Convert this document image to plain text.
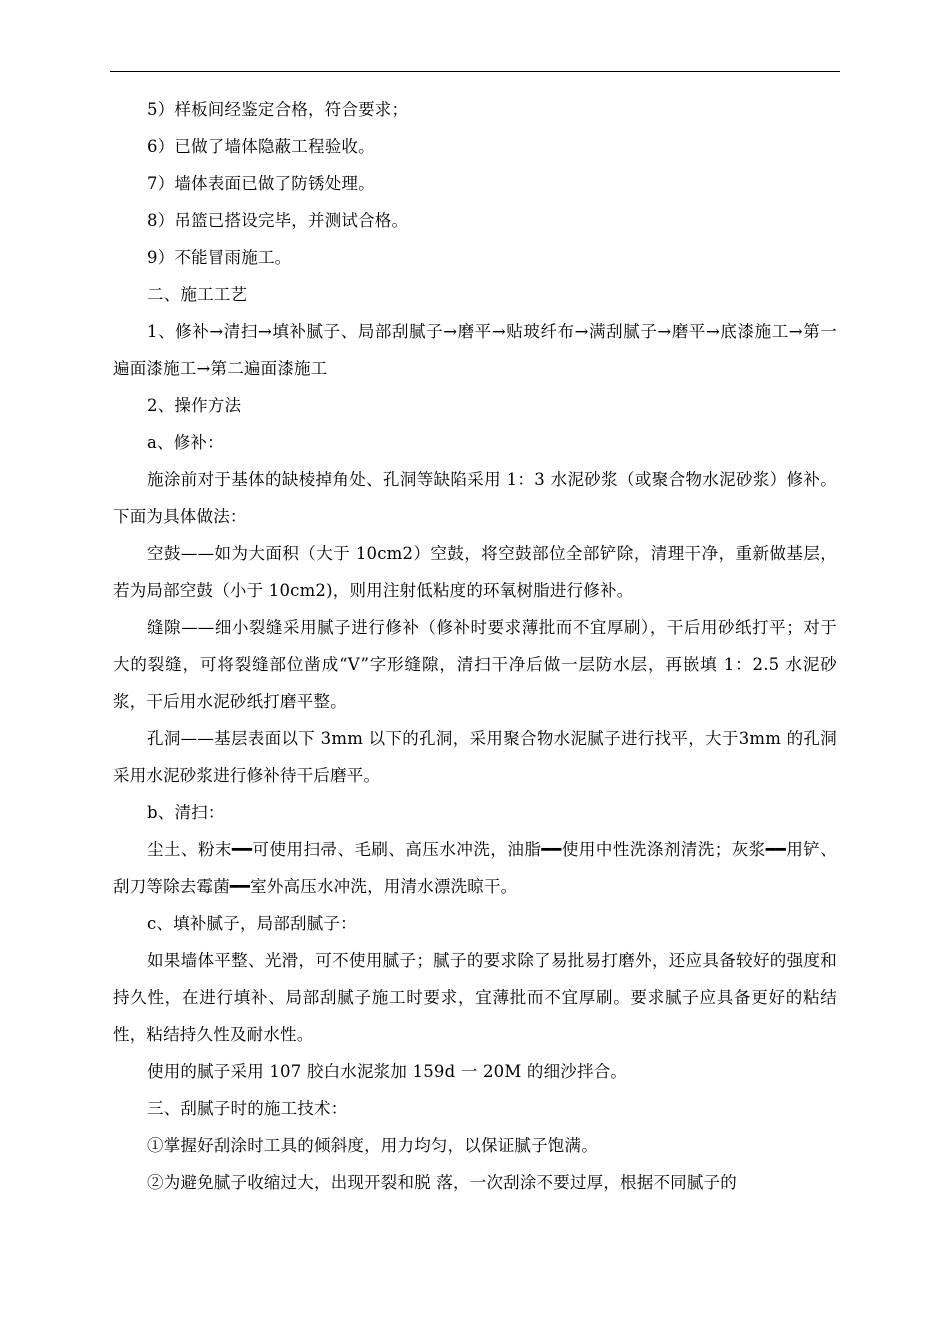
5）样板间经鉴定合格，符合要求；

6）已做了墙体隐蔽工程验收。

7）墙体表面已做了防锈处理。

8）吊篮已搭设完毕，并测试合格。

9）不能冒雨施工。

二、施工工艺

1、修补→清扫→填补腻子、局部刮腻子→磨平→贴玻纤布→满刮腻子→磨平→底漆施工→第一遍面漆施工→第二遍面漆施工

2、操作方法

a、修补：

施涂前对于基体的缺棱掉角处、孔洞等缺陷采用 1：3 水泥砂浆（或聚合物水泥砂浆）修补。下面为具体做法：

空鼓——如为大面积（大于 10cm2）空鼓，将空鼓部位全部铲除，清理干净，重新做基层，若为局部空鼓（小于 10cm2)，则用注射低粘度的环氧树脂进行修补。

缝隙——细小裂缝采用腻子进行修补（修补时要求薄批而不宜厚刷），干后用砂纸打平；对于大的裂缝，可将裂缝部位凿成“V”字形缝隙，清扫干净后做一层防水层，再嵌填 1：2.5 水泥砂浆，干后用水泥砂纸打磨平整。

孔洞——基层表面以下 3mm 以下的孔洞，采用聚合物水泥腻子进行找平，大于3mm 的孔洞采用水泥砂浆进行修补待干后磨平。

b、清扫：

尘土、粉末━━可使用扫帚、毛刷、高压水冲洗，油脂━━使用中性洗涤剂清洗；灰浆━━用铲、刮刀等除去霉菌━━室外高压水冲洗，用清水漂洗晾干。

c、填补腻子，局部刮腻子：

如果墙体平整、光滑，可不使用腻子；腻子的要求除了易批易打磨外，还应具备较好的强度和持久性，在进行填补、局部刮腻子施工时要求，宜薄批而不宜厚刷。要求腻子应具备更好的粘结性，粘结持久性及耐水性。

使用的腻子采用 107 胶白水泥浆加 159d 一 20M 的细沙拌合。

三、刮腻子时的施工技术：

①掌握好刮涂时工具的倾斜度，用力均匀，以保证腻子饱满。

②为避免腻子收缩过大，出现开裂和脱 落，一次刮涂不要过厚，根据不同腻子的
